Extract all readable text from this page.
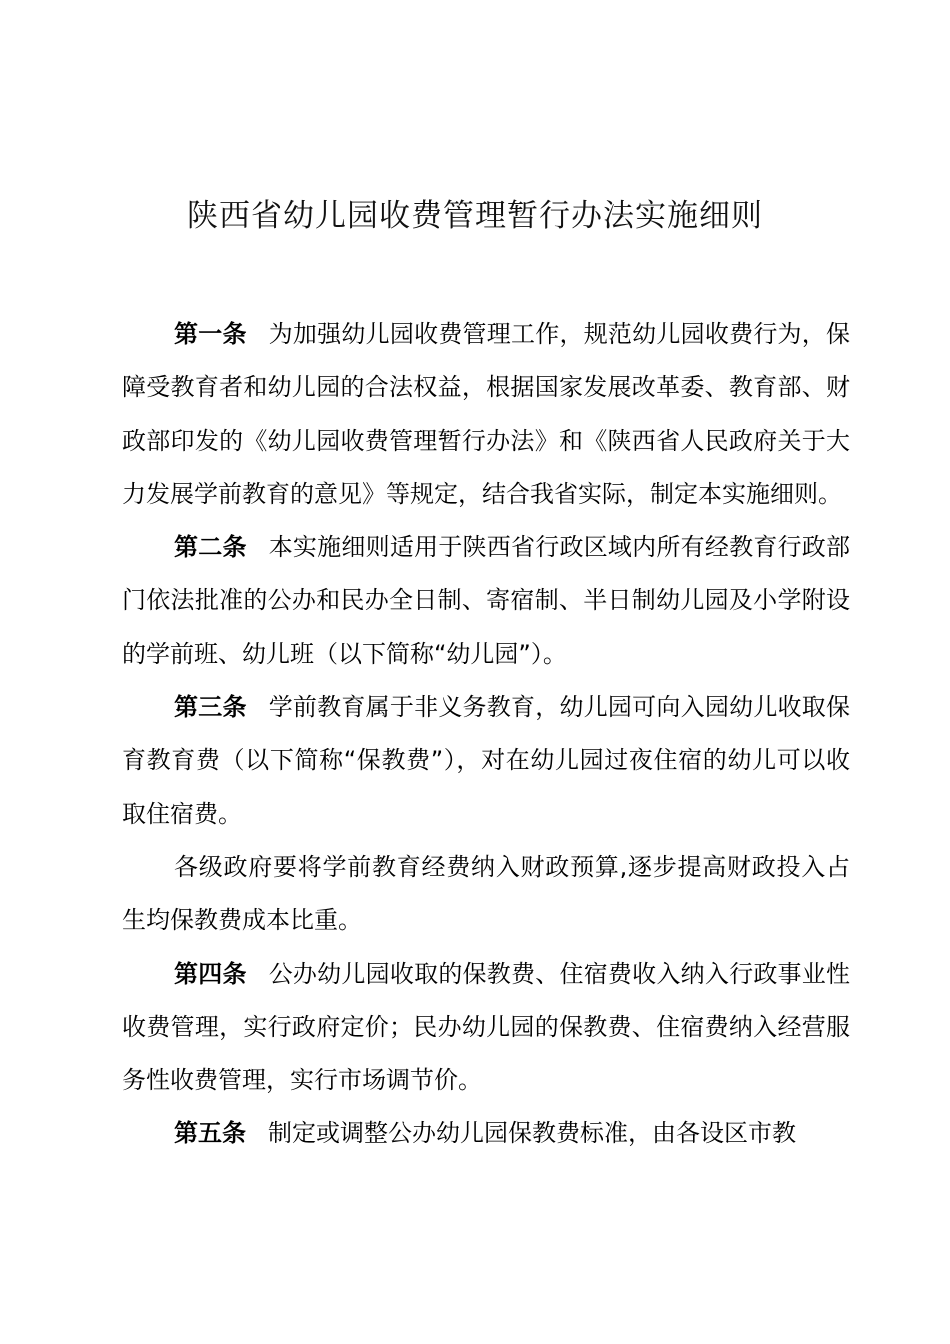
陕西省幼儿园收费管理暂行办法实施细则

第一条 为加强幼儿园收费管理工作，规范幼儿园收费行为，保障受教育者和幼儿园的合法权益，根据国家发展改革委、教育部、财政部印发的《幼儿园收费管理暂行办法》和《陕西省人民政府关于大力发展学前教育的意见》等规定，结合我省实际，制定本实施细则。

第二条 本实施细则适用于陕西省行政区域内所有经教育行政部门依法批准的公办和民办全日制、寄宿制、半日制幼儿园及小学附设的学前班、幼儿班（以下简称“幼儿园”）。

第三条 学前教育属于非义务教育，幼儿园可向入园幼儿收取保育教育费（以下简称“保教费”），对在幼儿园过夜住宿的幼儿可以收取住宿费。

各级政府要将学前教育经费纳入财政预算,逐步提高财政投入占生均保教费成本比重。

第四条 公办幼儿园收取的保教费、住宿费收入纳入行政事业性收费管理，实行政府定价；民办幼儿园的保教费、住宿费纳入经营服务性收费管理，实行市场调节价。

第五条 制定或调整公办幼儿园保教费标准，由各设区市教
